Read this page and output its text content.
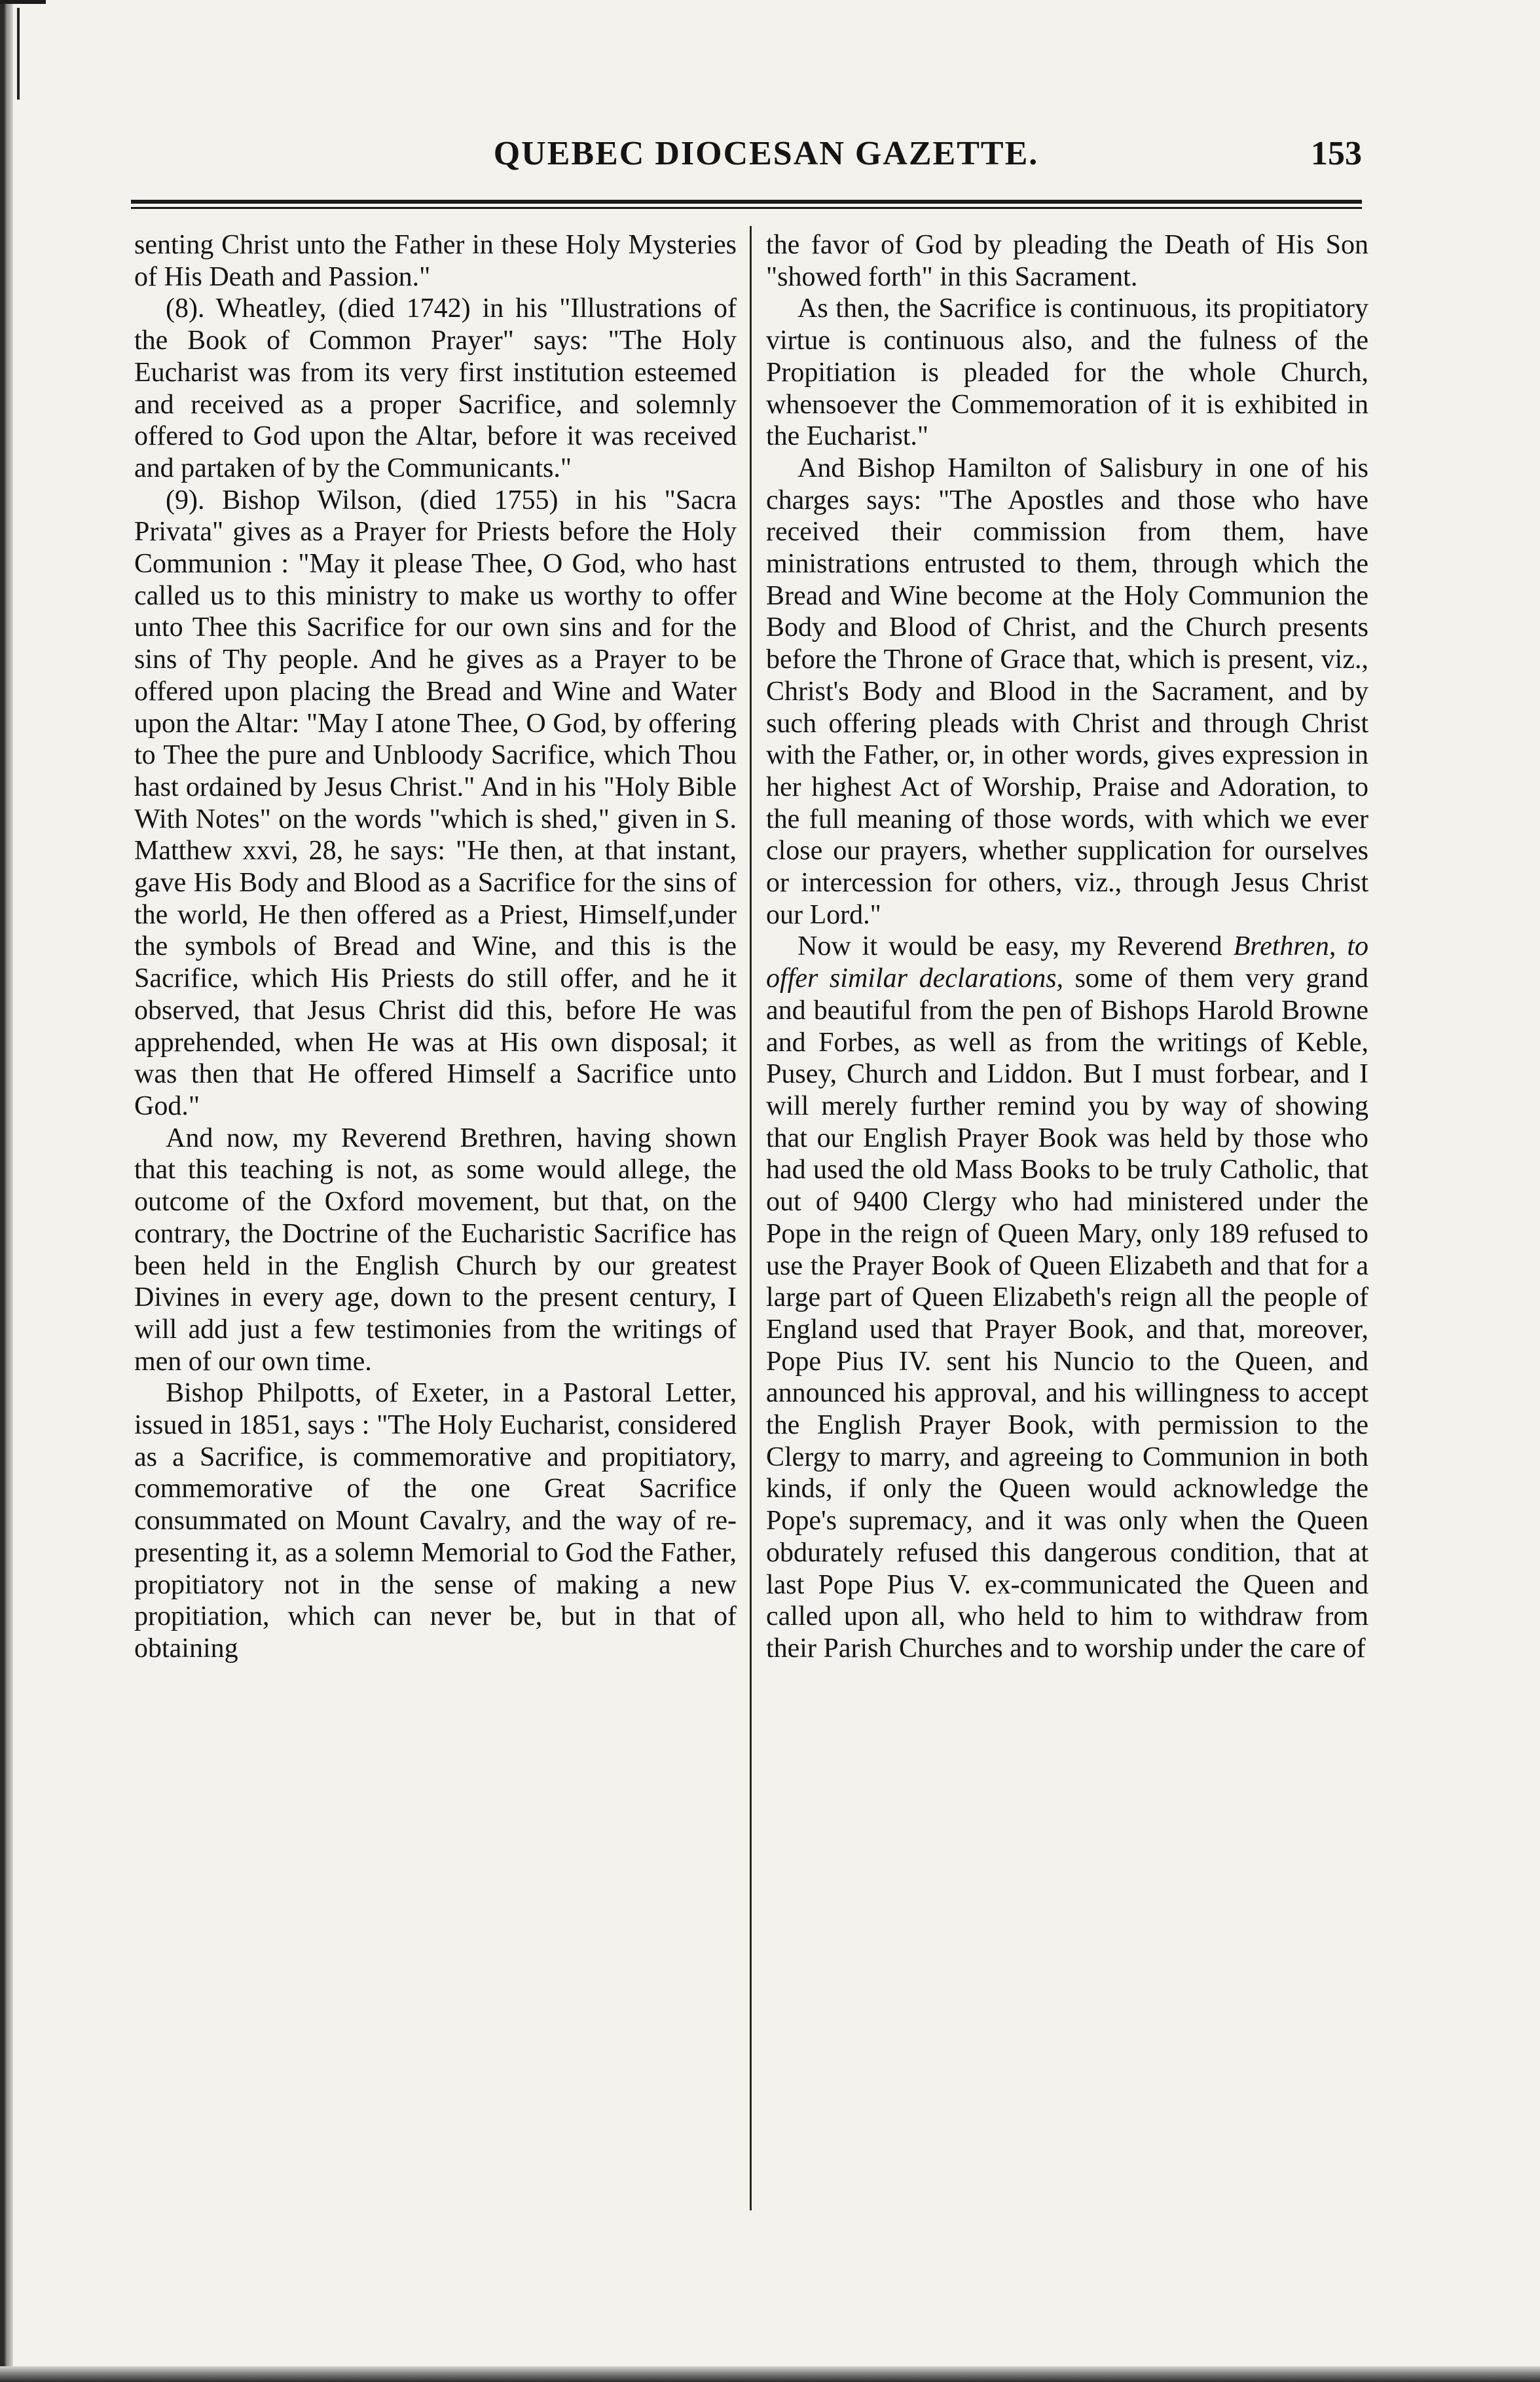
QUEBEC DIOCESAN GAZETTE.	153

senting Christ unto the Father in these Holy Mysteries of His Death and Passion."

(8). Wheatley, (died 1742) in his "Illustrations of the Book of Common Prayer" says: "The Holy Eucharist was from its very first institution esteemed and received as a proper Sacrifice, and solemnly offered to God upon the Altar, before it was received and partaken of by the Communicants."

(9). Bishop Wilson, (died 1755) in his "Sacra Privata" gives as a Prayer for Priests before the Holy Communion : "May it please Thee, O God, who hast called us to this ministry to make us worthy to offer unto Thee this Sacrifice for our own sins and for the sins of Thy people. And he gives as a Prayer to be offered upon placing the Bread and Wine and Water upon the Altar: "May I atone Thee, O God, by offering to Thee the pure and Unbloody Sacrifice, which Thou hast ordained by Jesus Christ." And in his "Holy Bible With Notes" on the words "which is shed," given in S. Matthew xxvi, 28, he says: "He then, at that instant, gave His Body and Blood as a Sacrifice for the sins of the world, He then offered as a Priest, Himself,under the symbols of Bread and Wine, and this is the Sacrifice, which His Priests do still offer, and he it observed, that Jesus Christ did this, before He was apprehended, when He was at His own disposal; it was then that He offered Himself a Sacrifice unto God."

And now, my Reverend Brethren, having shown that this teaching is not, as some would allege, the outcome of the Oxford movement, but that, on the contrary, the Doctrine of the Eucharistic Sacrifice has been held in the English Church by our greatest Divines in every age, down to the present century, I will add just a few testimonies from the writings of men of our own time.

Bishop Philpotts, of Exeter, in a Pastoral Letter, issued in 1851, says : "The Holy Eucharist, considered as a Sacrifice, is commemorative and propitiatory, commemorative of the one Great Sacrifice consummated on Mount Cavalry, and the way of re-presenting it, as a solemn Memorial to God the Father, propitiatory not in the sense of making a new propitiation, which can never be, but in that of obtaining

the favor of God by pleading the Death of His Son "showed forth" in this Sacrament.

As then, the Sacrifice is continuous, its propitiatory virtue is continuous also, and the fulness of the Propitiation is pleaded for the whole Church, whensoever the Commemoration of it is exhibited in the Eucharist."

And Bishop Hamilton of Salisbury in one of his charges says: "The Apostles and those who have received their commission from them, have ministrations entrusted to them, through which the Bread and Wine become at the Holy Communion the Body and Blood of Christ, and the Church presents before the Throne of Grace that, which is present, viz., Christ's Body and Blood in the Sacrament, and by such offering pleads with Christ and through Christ with the Father, or, in other words, gives expression in her highest Act of Worship, Praise and Adoration, to the full meaning of those words, with which we ever close our prayers, whether supplication for ourselves or intercession for others, viz., through Jesus Christ our Lord."

Now it would be easy, my Reverend Brethren, to offer similar declarations, some of them very grand and beautiful from the pen of Bishops Harold Browne and Forbes, as well as from the writings of Keble, Pusey, Church and Liddon. But I must forbear, and I will merely further remind you by way of showing that our English Prayer Book was held by those who had used the old Mass Books to be truly Catholic, that out of 9400 Clergy who had ministered under the Pope in the reign of Queen Mary, only 189 refused to use the Prayer Book of Queen Elizabeth and that for a large part of Queen Elizabeth's reign all the people of England used that Prayer Book, and that, moreover, Pope Pius IV. sent his Nuncio to the Queen, and announced his approval, and his willingness to accept the English Prayer Book, with permission to the Clergy to marry, and agreeing to Communion in both kinds, if only the Queen would acknowledge the Pope's supremacy, and it was only when the Queen obdurately refused this dangerous condition, that at last Pope Pius V. ex-communicated the Queen and called upon all, who held to him to withdraw from their Parish Churches and to worship under the care of
